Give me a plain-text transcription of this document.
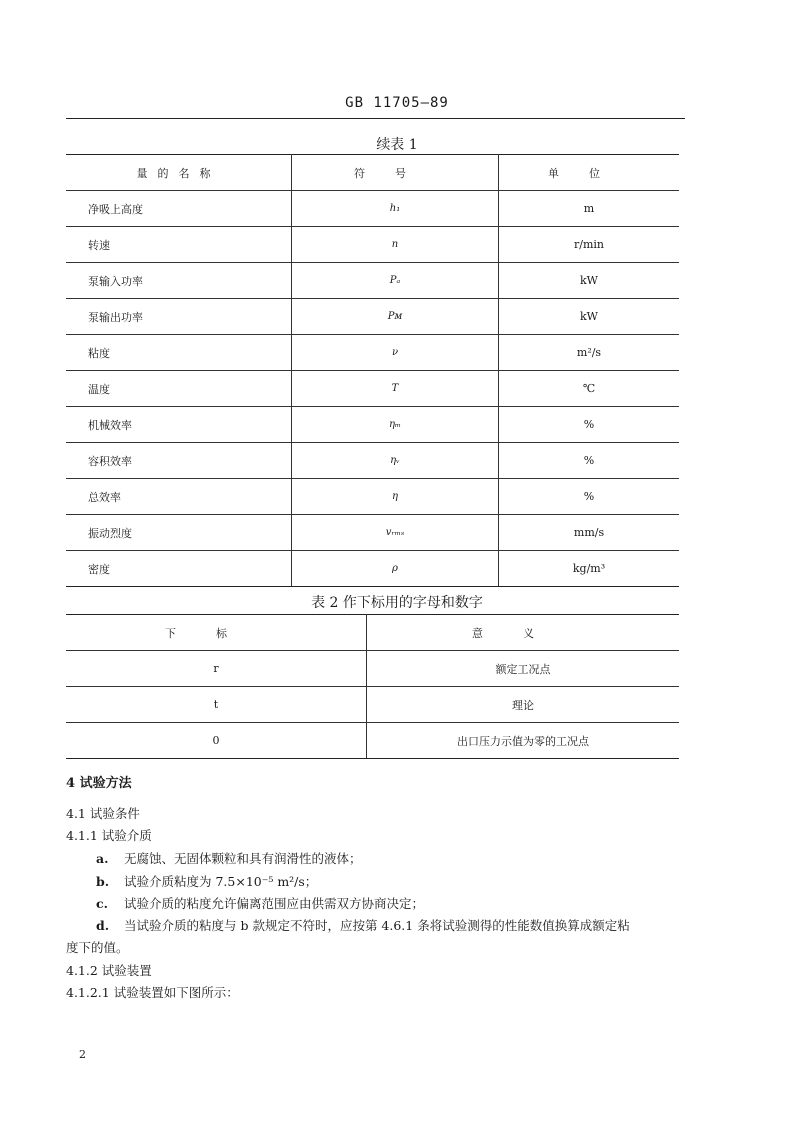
GB 11705—89
续表 1
量的名称	符号	单位
净吸上高度	h₁	m
转速	n	r/min
泵输入功率	Pₐ	kW
泵输出功率	Pᴍ	kW
粘度	ν	m²/s
温度	T	℃
机械效率	ηₘ	%
容积效率	ηᵥ	%
总效率	η	%
振动烈度	vᵣₘₛ	mm/s
密度	ρ	kg/m³
表 2 作下标用的字母和数字
下标	意义
r	额定工况点
t	理论
0	出口压力示值为零的工况点
4 试验方法
4.1 试验条件
4.1.1 试验介质
a. 无腐蚀、无固体颗粒和具有润滑性的液体；
b. 试验介质粘度为 7.5×10⁻⁵ m²/s；
c. 试验介质的粘度允许偏离范围应由供需双方协商决定；
d. 当试验介质的粘度与 b 款规定不符时，应按第 4.6.1 条将试验测得的性能数值换算成额定粘
度下的值。
4.1.2 试验装置
4.1.2.1 试验装置如下图所示：
2
